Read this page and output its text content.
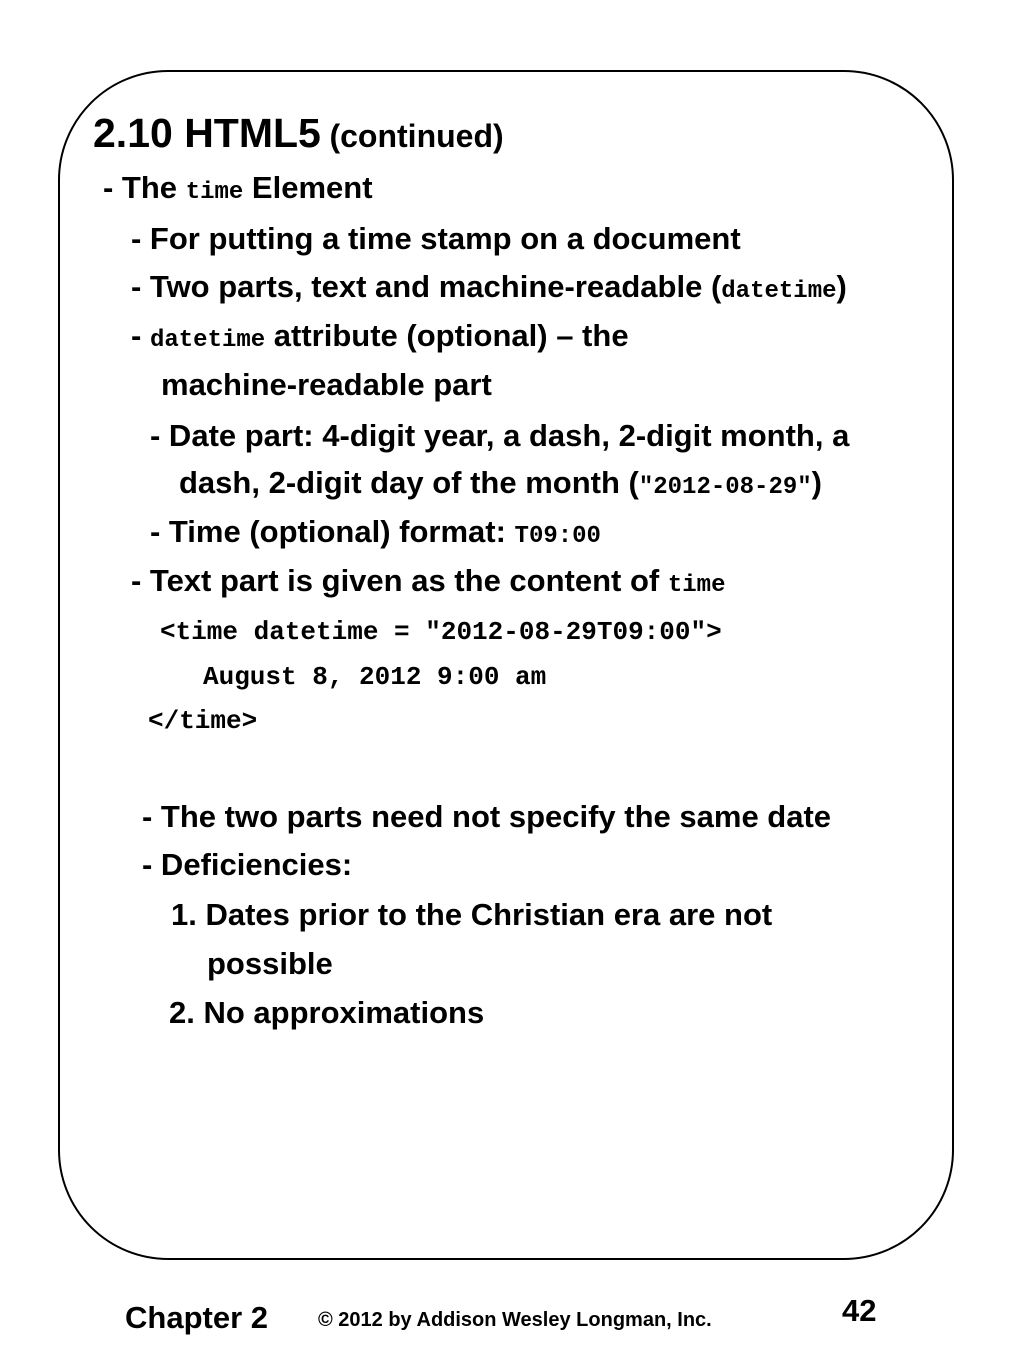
2.10 HTML5 (continued)
- The time Element
- For putting a time stamp on a document
- Two parts, text and machine-readable (datetime)
- datetime attribute (optional) – the
machine-readable part
- Date part: 4-digit year, a dash, 2-digit month, a
dash, 2-digit day of the month (″2012-08-29″)
- Time (optional) format: T09:00
- Text part is given as the content of time
<time datetime = ″2012-08-29T09:00″>
August 8, 2012 9:00 am
</time>
- The two parts need not specify the same date
- Deficiencies:
1. Dates prior to the Christian era are not
possible
2. No approximations
Chapter 2	© 2012 by Addison Wesley Longman, Inc.	42
